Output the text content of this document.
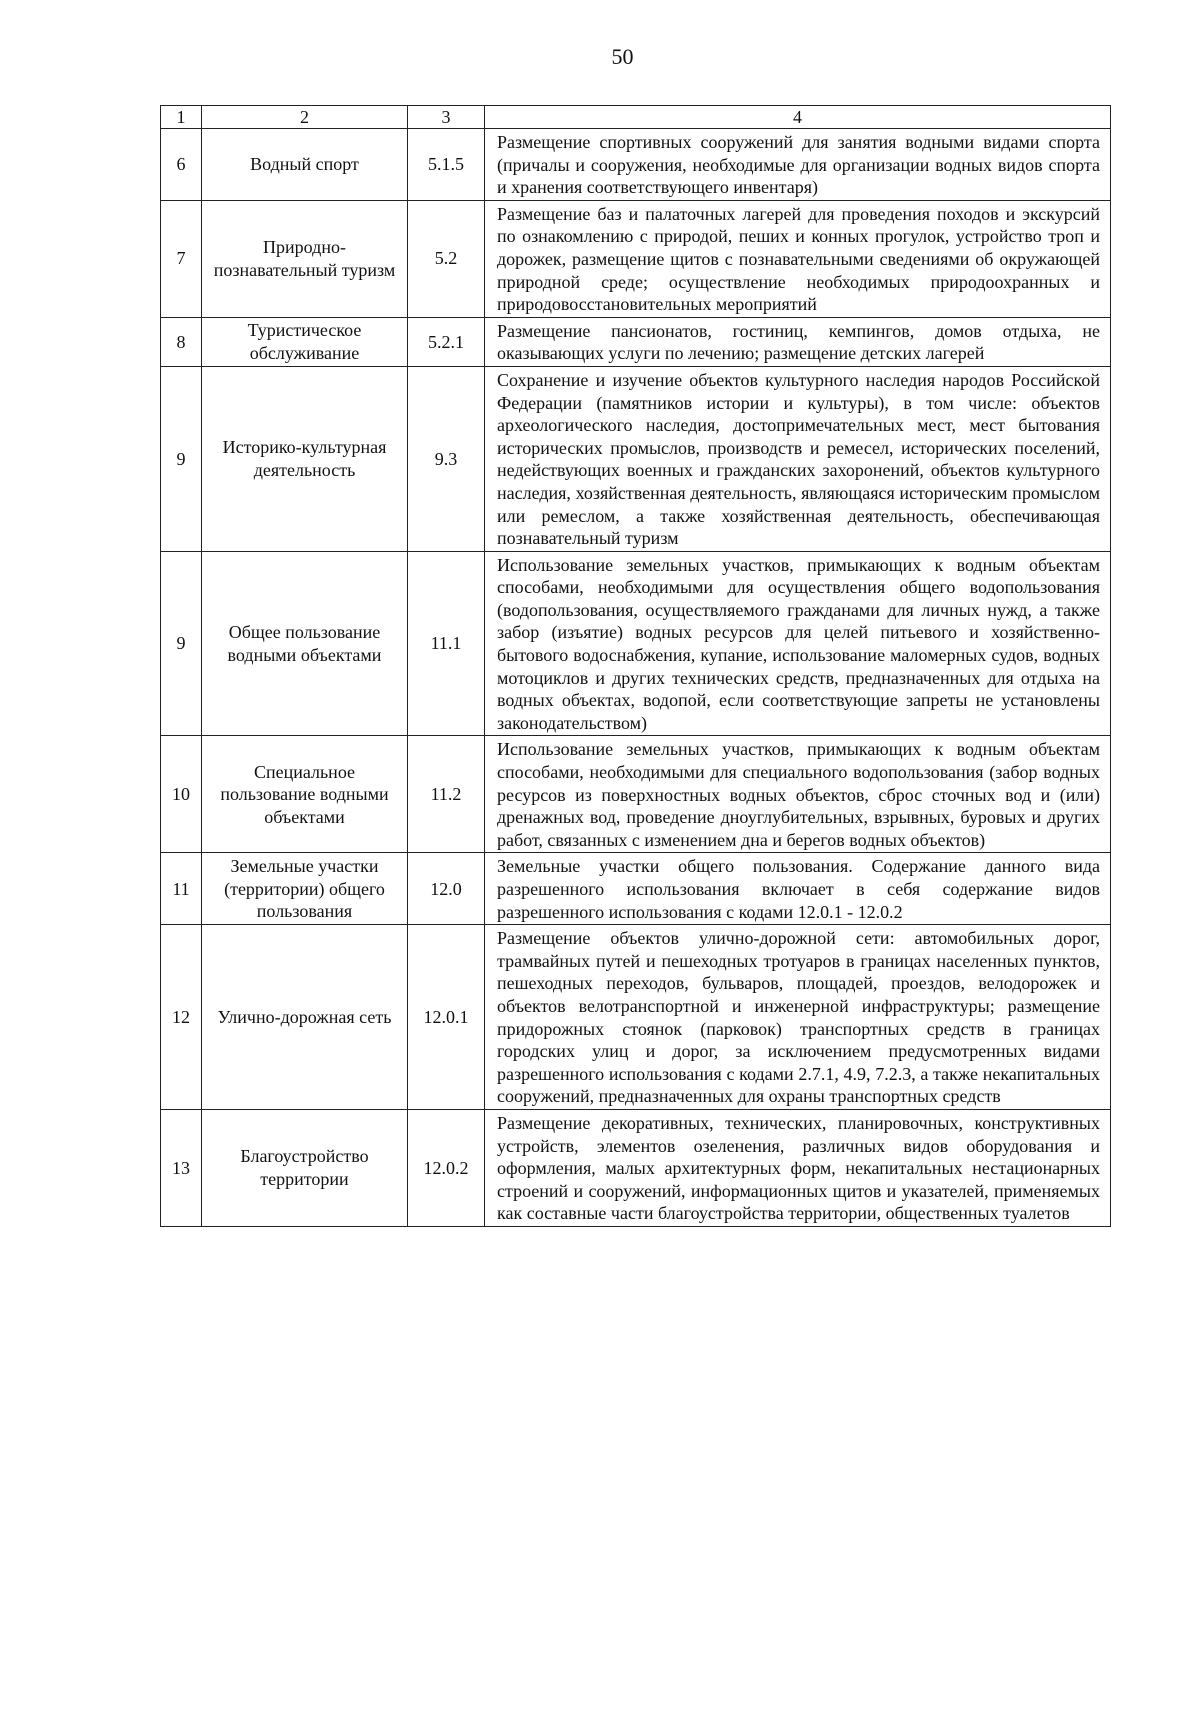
50
1	2	3	4
6	Водный спорт	5.1.5	Размещение спортивных сооружений для занятия водными видами спорта (причалы и сооружения, необходимые для организации водных видов спорта и хранения соответствующего инвентаря)
7	Природно-познавательный туризм	5.2	Размещение баз и палаточных лагерей для проведения походов и экскурсий по ознакомлению с природой, пеших и конных прогулок, устройство троп и дорожек, размещение щитов с познавательными сведениями об окружающей природной среде; осуществление необходимых природоохранных и природовосстановительных мероприятий
8	Туристическое обслуживание	5.2.1	Размещение пансионатов, гостиниц, кемпингов, домов отдыха, не оказывающих услуги по лечению; размещение детских лагерей
9	Историко-культурная деятельность	9.3	Сохранение и изучение объектов культурного наследия народов Российской Федерации (памятников истории и культуры), в том числе: объектов археологического наследия, достопримечательных мест, мест бытования исторических промыслов, производств и ремесел, исторических поселений, недействующих военных и гражданских захоронений, объектов культурного наследия, хозяйственная деятельность, являющаяся историческим промыслом или ремеслом, а также хозяйственная деятельность, обеспечивающая познавательный туризм
9	Общее пользование водными объектами	11.1	Использование земельных участков, примыкающих к водным объектам способами, необходимыми для осуществления общего водопользования (водопользования, осуществляемого гражданами для личных нужд, а также забор (изъятие) водных ресурсов для целей питьевого и хозяйственно-бытового водоснабжения, купание, использование маломерных судов, водных мотоциклов и других технических средств, предназначенных для отдыха на водных объектах, водопой, если соответствующие запреты не установлены законодательством)
10	Специальное пользование водными объектами	11.2	Использование земельных участков, примыкающих к водным объектам способами, необходимыми для специального водопользования (забор водных ресурсов из поверхностных водных объектов, сброс сточных вод и (или) дренажных вод, проведение дноуглубительных, взрывных, буровых и других работ, связанных с изменением дна и берегов водных объектов)
11	Земельные участки (территории) общего пользования	12.0	Земельные участки общего пользования. Содержание данного вида разрешенного использования включает в себя содержание видов разрешенного использования с кодами 12.0.1 - 12.0.2
12	Улично-дорожная сеть	12.0.1	Размещение объектов улично-дорожной сети: автомобильных дорог, трамвайных путей и пешеходных тротуаров в границах населенных пунктов, пешеходных переходов, бульваров, площадей, проездов, велодорожек и объектов велотранспортной и инженерной инфраструктуры; размещение придорожных стоянок (парковок) транспортных средств в границах городских улиц и дорог, за исключением предусмотренных видами разрешенного использования с кодами 2.7.1, 4.9, 7.2.3, а также некапитальных сооружений, предназначенных для охраны транспортных средств
13	Благоустройство территории	12.0.2	Размещение декоративных, технических, планировочных, конструктивных устройств, элементов озеленения, различных видов оборудования и оформления, малых архитектурных форм, некапитальных нестационарных строений и сооружений, информационных щитов и указателей, применяемых как составные части благоустройства территории, общественных туалетов
